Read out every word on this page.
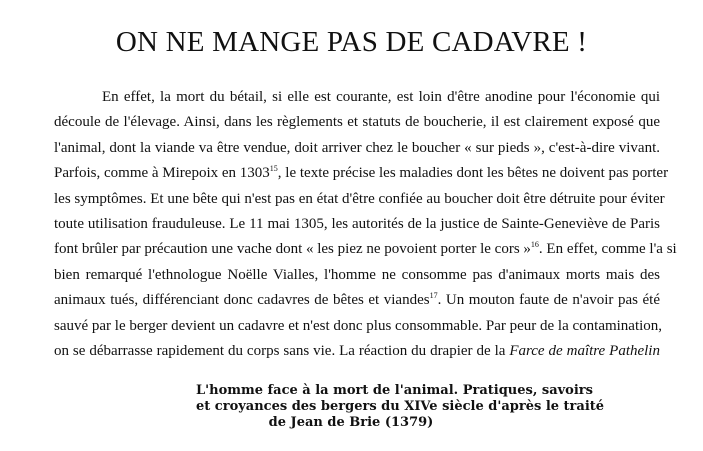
ON NE MANGE PAS DE CADAVRE !
En effet, la mort du bétail, si elle est courante, est loin d'être anodine pour l'économie qui
découle de l'élevage. Ainsi, dans les règlements et statuts de boucherie, il est clairement exposé que
l'animal, dont la viande va être vendue, doit arriver chez le boucher « sur pieds », c'est-à-dire vivant.
Parfois, comme à Mirepoix en 1303$^{15}$, le texte précise les maladies dont les bêtes ne doivent pas porter
les symptômes. Et une bête qui n'est pas en état d'être confiée au boucher doit être détruite pour éviter
toute utilisation frauduleuse. Le 11 mai 1305, les autorités de la justice de Sainte-Geneviève de Paris
font brûler par précaution une vache dont « les piez ne povoient porter le cors »$^{16}$. En effet, comme l'a si
bien remarqué l'ethnologue Noëlle Vialles, l'homme ne consomme pas d'animaux morts mais des
animaux tués, différenciant donc cadavres de bêtes et viandes$^{17}$. Un mouton faute de n'avoir pas été
sauvé par le berger devient un cadavre et n'est donc plus consommable. Par peur de la contamination,
on se débarrasse rapidement du corps sans vie. La réaction du drapier de la Farce de maître Pathelin
L'homme face à la mort de l'animal. Pratiques, savoirs
et croyances des bergers du XIVe siècle d'après le traité
de Jean de Brie (1379)
